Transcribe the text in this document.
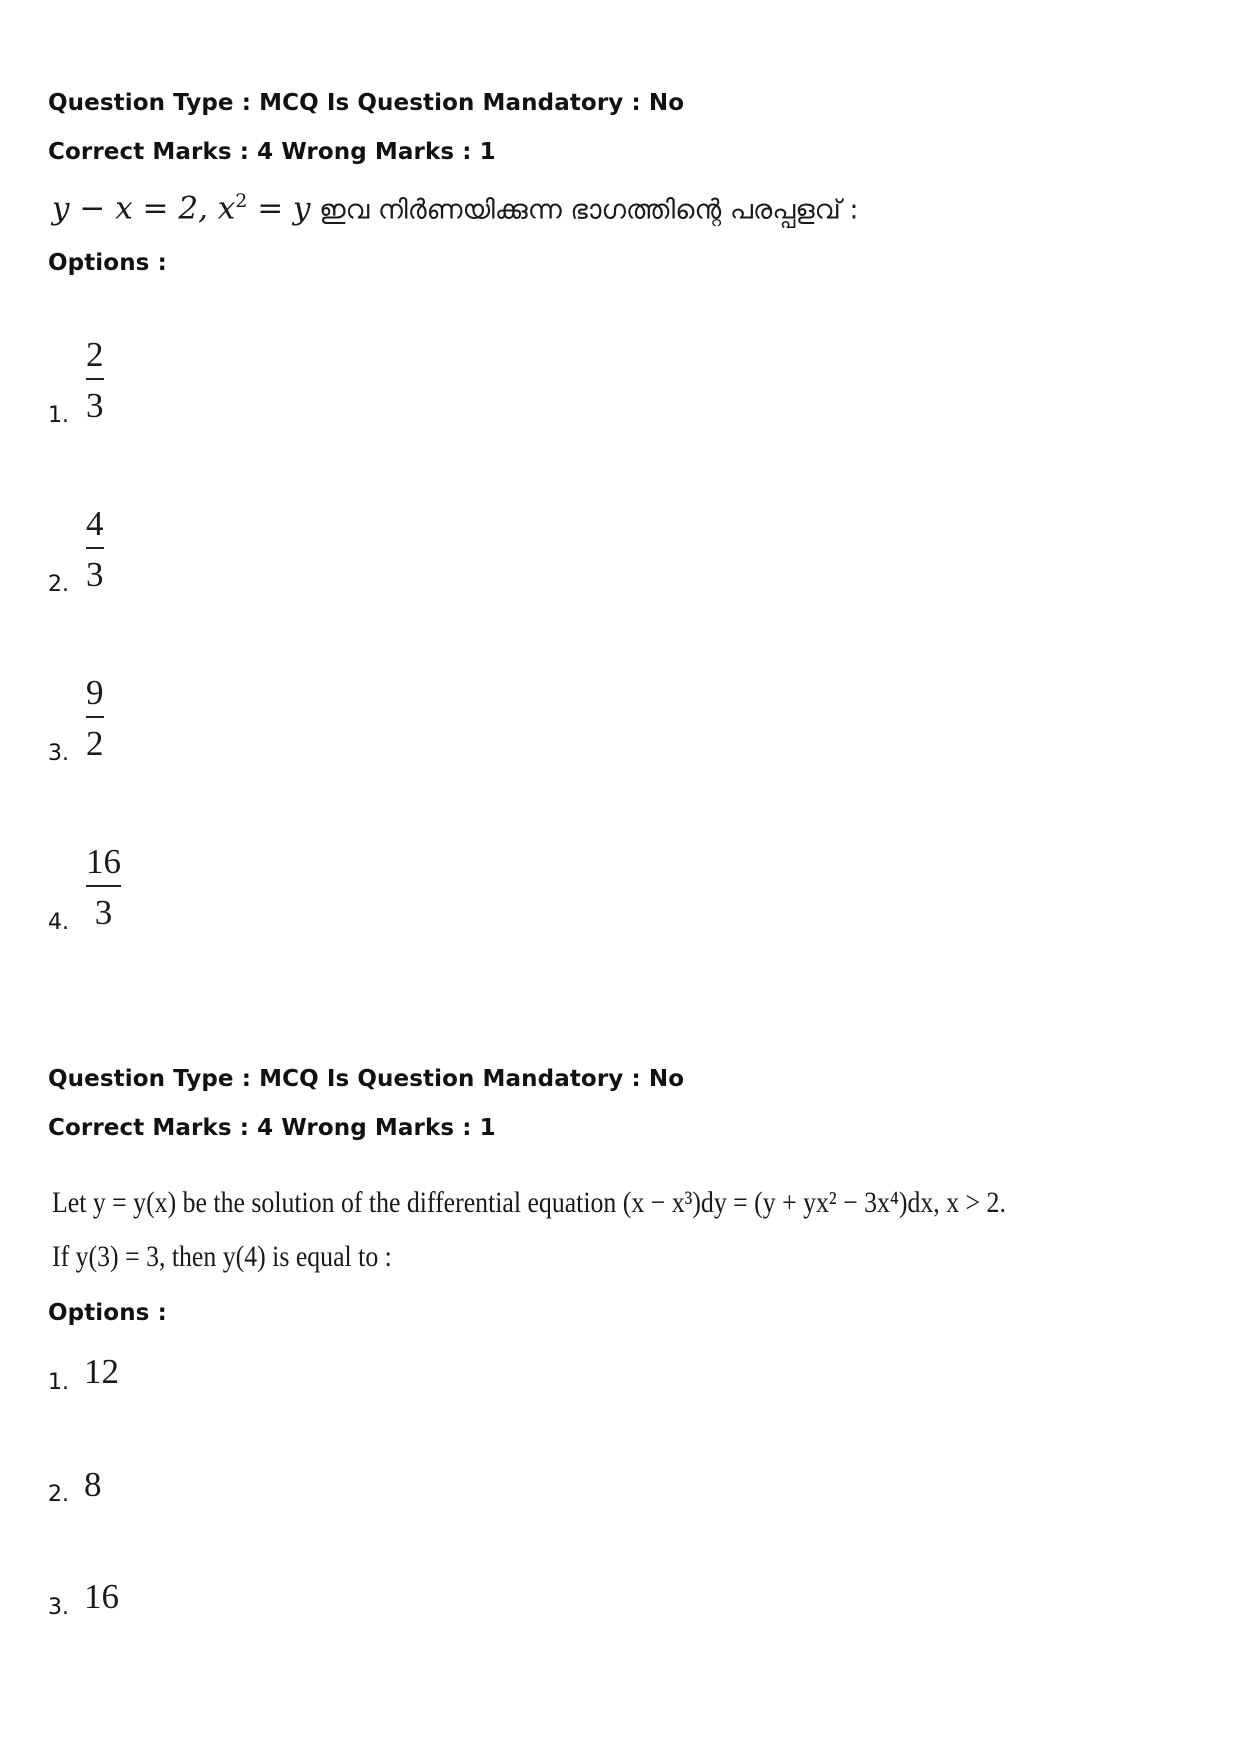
Question Type : MCQ Is Question Mandatory : No
Correct Marks : 4 Wrong Marks : 1
y − x = 2, $x^2 = y$ ഇവ നിർണയിക്കുന്ന ഭാഗത്തിന്റെ പരപ്പളവ് :
Options :
1.
2
3
2.
4
3
3.
9
2
4.
16
3
Question Type : MCQ Is Question Mandatory : No
Correct Marks : 4 Wrong Marks : 1
Let y = y(x) be the solution of the differential equation (x − x³)dy = (y + yx² − 3x⁴)dx, x > 2.
If y(3) = 3, then y(4) is equal to :
Options :
1. 12
2. 8
3. 16
